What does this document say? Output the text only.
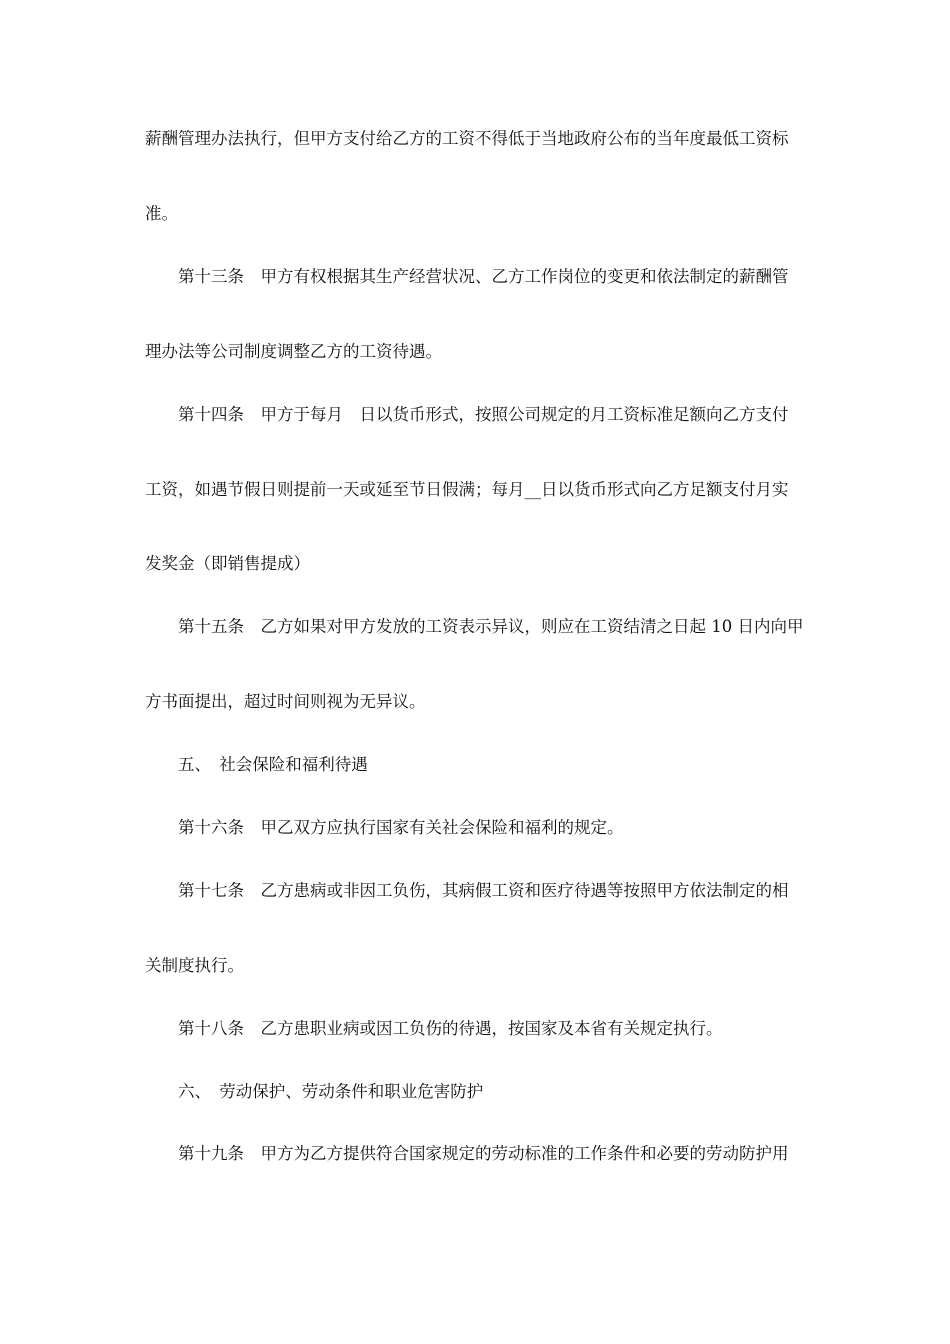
薪酬管理办法执行，但甲方支付给乙方的工资不得低于当地政府公布的当年度最低工资标
准。
第十三条　甲方有权根据其生产经营状况、乙方工作岗位的变更和依法制定的薪酬管
理办法等公司制度调整乙方的工资待遇。
第十四条　甲方于每月　日以货币形式，按照公司规定的月工资标准足额向乙方支付
工资，如遇节假日则提前一天或延至节日假满；每月__日以货币形式向乙方足额支付月实
发奖金（即销售提成）
第十五条　乙方如果对甲方发放的工资表示异议，则应在工资结清之日起 10 日内向甲
方书面提出，超过时间则视为无异议。
五、　社会保险和福利待遇
第十六条　甲乙双方应执行国家有关社会保险和福利的规定。
第十七条　乙方患病或非因工负伤，其病假工资和医疗待遇等按照甲方依法制定的相
关制度执行。
第十八条　乙方患职业病或因工负伤的待遇，按国家及本省有关规定执行。
六、　劳动保护、劳动条件和职业危害防护
第十九条　甲方为乙方提供符合国家规定的劳动标准的工作条件和必要的劳动防护用
